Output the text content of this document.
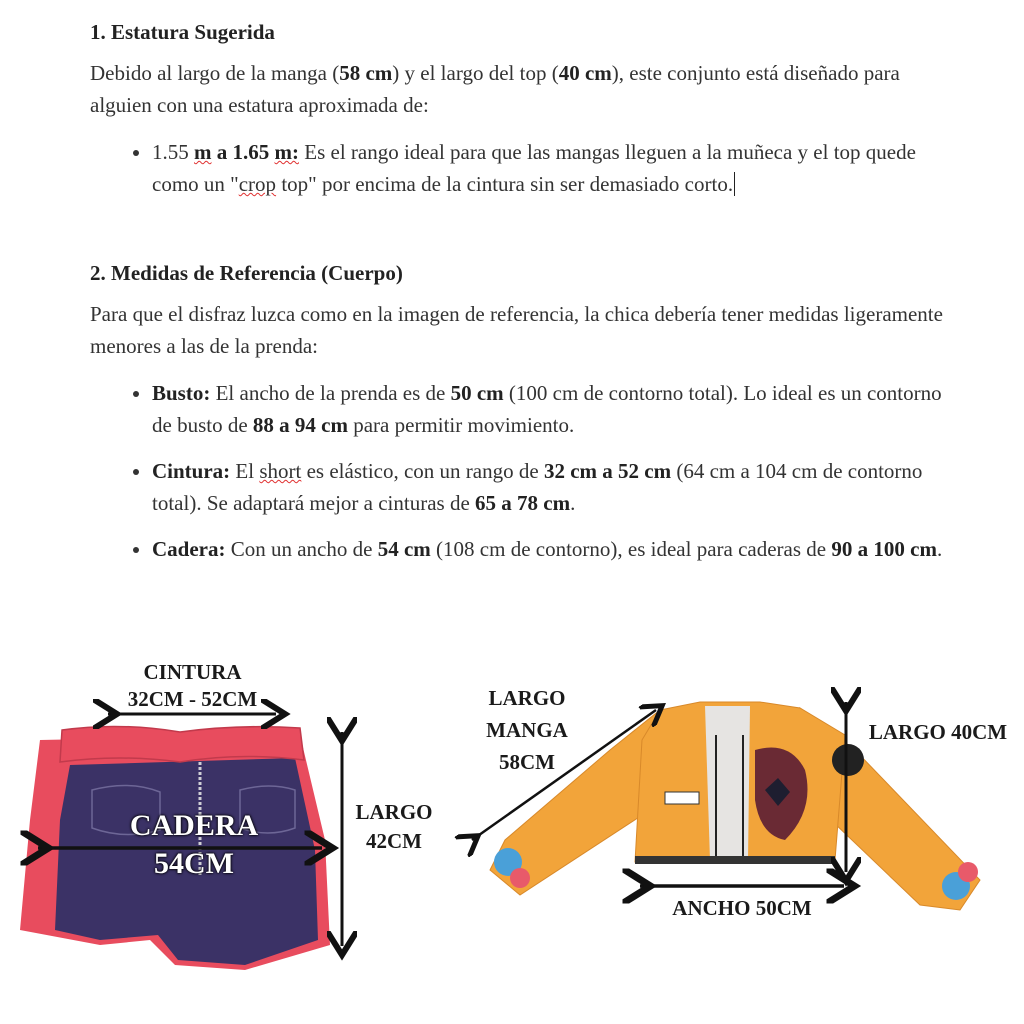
1. Estatura Sugerida

Debido al largo de la manga (58 cm) y el largo del top (40 cm), este conjunto está diseñado para alguien con una estatura aproximada de:

• 1.55 m a 1.65 m: Es el rango ideal para que las mangas lleguen a la muñeca y el top quede como un "crop top" por encima de la cintura sin ser demasiado corto.
2. Medidas de Referencia (Cuerpo)

Para que el disfraz luzca como en la imagen de referencia, la chica debería tener medidas ligeramente menores a las de la prenda:

• Busto: El ancho de la prenda es de 50 cm (100 cm de contorno total). Lo ideal es un contorno de busto de 88 a 94 cm para permitir movimiento.
• Cintura: El short es elástico, con un rango de 32 cm a 52 cm (64 cm a 104 cm de contorno total). Se adaptará mejor a cinturas de 65 a 78 cm.
• Cadera: Con un ancho de 54 cm (108 cm de contorno), es ideal para caderas de 90 a 100 cm.
CINTURA
32CM - 52CM
CADERA
54CM
LARGO
42CM
LARGO
MANGA
58CM
LARGO 40CM
ANCHO 50CM
